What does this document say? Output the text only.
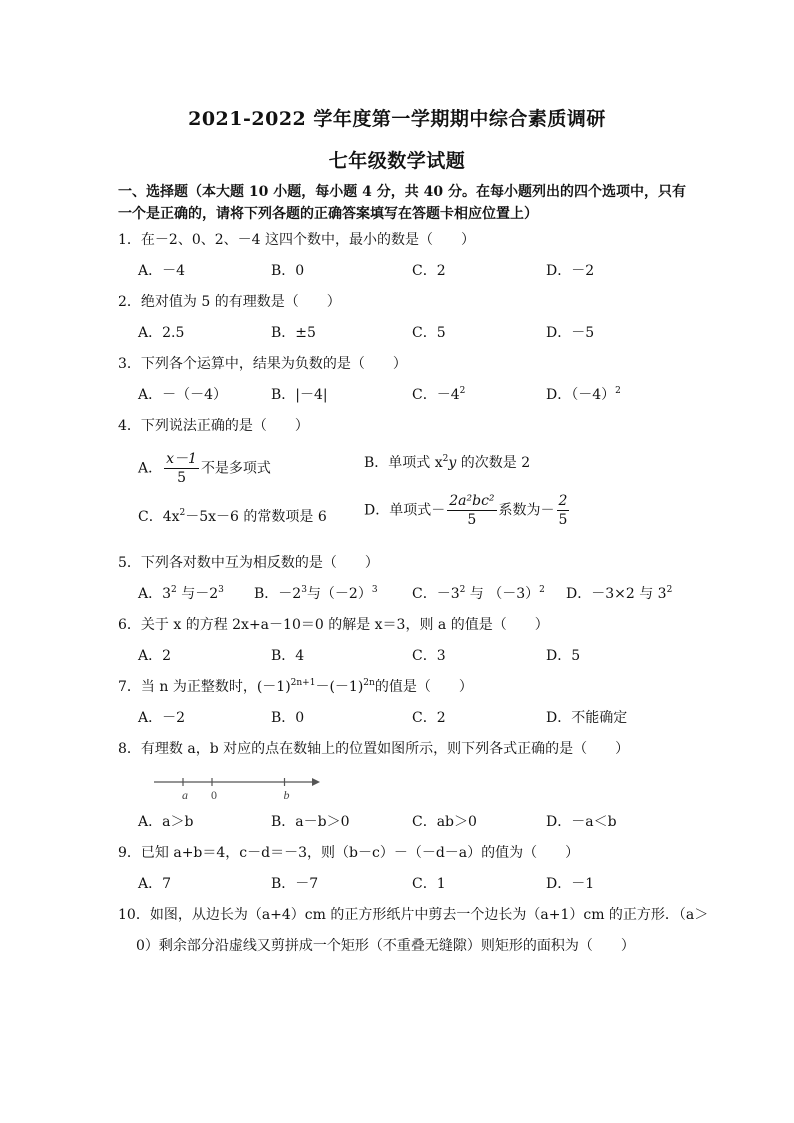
2021-2022 学年度第一学期期中综合素质调研
七年级数学试题
一、选择题（本大题 10 小题，每小题 4 分，共 40 分。在每小题列出的四个选项中，只有
一个是正确的，请将下列各题的正确答案填写在答题卡相应位置上）
1．在－2、0、2、－4 这四个数中，最小的数是（　　）
A．－4	B．0	C．2	D．－2
2．绝对值为 5 的有理数是（　　）
A．2.5	B．±5	C．5	D．－5
3．下列各个运算中，结果为负数的是（　　）
A．－（－4）	B．|－4|	C．$-4^2$	D．$(-4)^2$
4．下列说法正确的是（　　）
A． $\frac{x-1}{5}$ 不是多项式	B．单项式 $x^2y$ 的次数是 2
C．$4x^2-5x-6$ 的常数项是 6	D．单项式－ $\frac{\text{2a²bc²}}{5}$ 系数为－ $\frac{2}{5}$
5．下列各对数中互为相反数的是（　　）
A．$3^2$ 与$-2^3$ B．$-2^3$与$(-2)^3$ C．$-3^2$ 与 $(-3)^2$ D．－3×2 与 $3^2$
6．关于 x 的方程 2x+a－10＝0 的解是 x＝3，则 a 的值是（　　）
A．2	B．4	C．3	D．5
7．当 n 为正整数时，$(-1)^{2n+1}-(-1)^{2n}$的值是（　　）
A．－2	B．0	C．2	D．不能确定
8．有理数 a，b 对应的点在数轴上的位置如图所示，则下列各式正确的是（　　）
a 0	b
A．a＞b	B．a－b＞0	C．ab＞0	D．－a＜b
9．已知 a+b＝4，c－d＝－3，则（b－c）－（－d－a）的值为（　　）
A．7	B．－7	C．1	D．－1
10．如图，从边长为（a+4）cm 的正方形纸片中剪去一个边长为（a+1）cm 的正方形．（a＞
0）剩余部分沿虚线又剪拼成一个矩形（不重叠无缝隙）则矩形的面积为（　　）
